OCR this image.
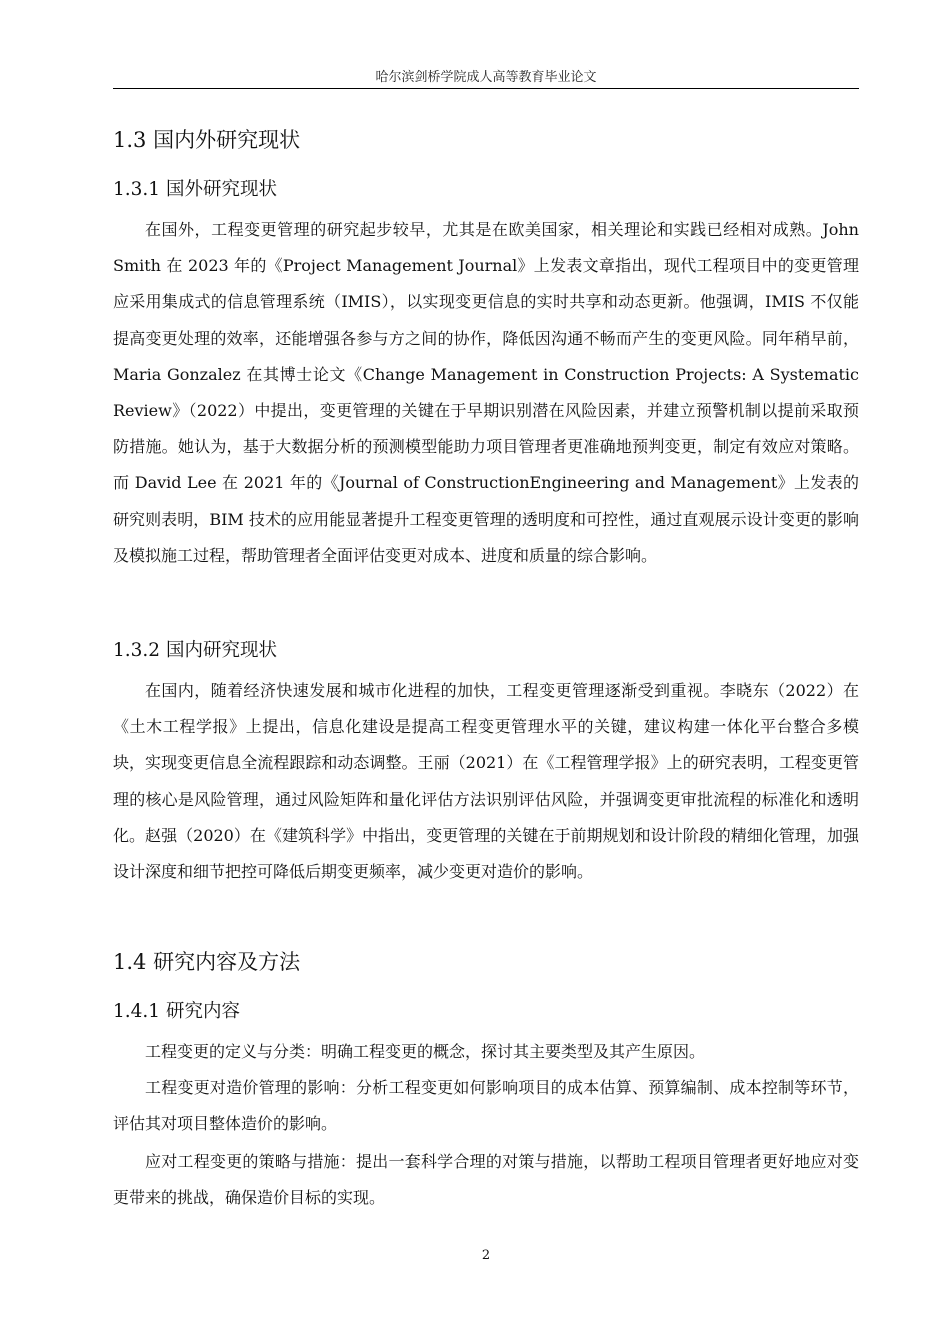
哈尔滨剑桥学院成人高等教育毕业论文
1.3 国内外研究现状
1.3.1 国外研究现状

在国外，工程变更管理的研究起步较早，尤其是在欧美国家，相关理论和实践已经相对成熟。John Smith 在 2023 年的《Project Management Journal》上发表文章指出，现代工程项目中的变更管理应采用集成式的信息管理系统（IMIS），以实现变更信息的实时共享和动态更新。他强调，IMIS 不仅能提高变更处理的效率，还能增强各参与方之间的协作，降低因沟通不畅而产生的变更风险。同年稍早前，Maria Gonzalez 在其博士论文《Change Management in Construction Projects: A Systematic Review》（2022）中提出，变更管理的关键在于早期识别潜在风险因素，并建立预警机制以提前采取预防措施。她认为，基于大数据分析的预测模型能助力项目管理者更准确地预判变更，制定有效应对策略。而 David Lee 在 2021 年的《Journal of ConstructionEngineering and Management》上发表的研究则表明，BIM 技术的应用能显著提升工程变更管理的透明度和可控性，通过直观展示设计变更的影响及模拟施工过程，帮助管理者全面评估变更对成本、进度和质量的综合影响。

1.3.2 国内研究现状

在国内，随着经济快速发展和城市化进程的加快，工程变更管理逐渐受到重视。李晓东（2022）在《土木工程学报》上提出，信息化建设是提高工程变更管理水平的关键，建议构建一体化平台整合多模块，实现变更信息全流程跟踪和动态调整。王丽（2021）在《工程管理学报》上的研究表明，工程变更管理的核心是风险管理，通过风险矩阵和量化评估方法识别评估风险，并强调变更审批流程的标准化和透明化。赵强（2020）在《建筑科学》中指出，变更管理的关键在于前期规划和设计阶段的精细化管理，加强设计深度和细节把控可降低后期变更频率，减少变更对造价的影响。

1.4 研究内容及方法
1.4.1 研究内容

工程变更的定义与分类：明确工程变更的概念，探讨其主要类型及其产生原因。

工程变更对造价管理的影响：分析工程变更如何影响项目的成本估算、预算编制、成本控制等环节，评估其对项目整体造价的影响。

应对工程变更的策略与措施：提出一套科学合理的对策与措施，以帮助工程项目管理者更好地应对变更带来的挑战，确保造价目标的实现。

2
